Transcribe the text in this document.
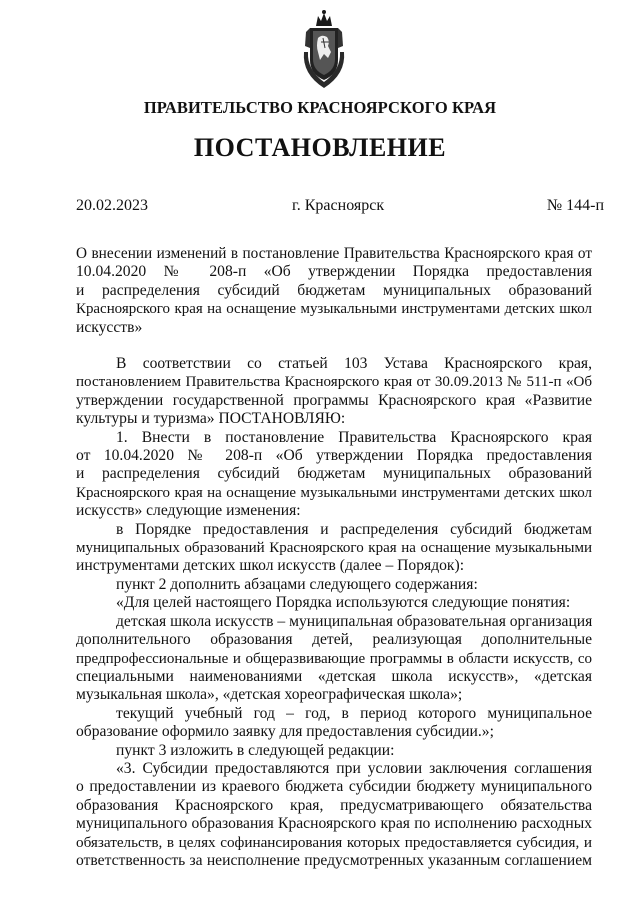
ПРАВИТЕЛЬСТВО КРАСНОЯРСКОГО КРАЯ
ПОСТАНОВЛЕНИЕ
20.02.2023	г. Красноярск	№ 144-п
О внесении изменений в постановление Правительства Красноярского края от
10.04.2020 № 208-п «Об утверждении Порядка предоставления
и распределения субсидий бюджетам муниципальных образований
Красноярского края на оснащение музыкальными инструментами детских школ
искусств»
В соответствии со статьей 103 Устава Красноярского края,
постановлением Правительства Красноярского края от 30.09.2013 № 511-п «Об
утверждении государственной программы Красноярского края «Развитие
культуры и туризма» ПОСТАНОВЛЯЮ:
1. Внести в постановление Правительства Красноярского края
от 10.04.2020 № 208-п «Об утверждении Порядка предоставления
и распределения субсидий бюджетам муниципальных образований
Красноярского края на оснащение музыкальными инструментами детских школ
искусств» следующие изменения:
в Порядке предоставления и распределения субсидий бюджетам
муниципальных образований Красноярского края на оснащение музыкальными
инструментами детских школ искусств (далее – Порядок):
пункт 2 дополнить абзацами следующего содержания:
«Для целей настоящего Порядка используются следующие понятия:
детская школа искусств – муниципальная образовательная организация
дополнительного образования детей, реализующая дополнительные
предпрофессиональные и общеразвивающие программы в области искусств, со
специальными наименованиями «детская школа искусств», «детская
музыкальная школа», «детская хореографическая школа»;
текущий учебный год – год, в период которого муниципальное
образование оформило заявку для предоставления субсидии.»;
пункт 3 изложить в следующей редакции:
«3. Субсидии предоставляются при условии заключения соглашения
о предоставлении из краевого бюджета субсидии бюджету муниципального
образования Красноярского края, предусматривающего обязательства
муниципального образования Красноярского края по исполнению расходных
обязательств, в целях софинансирования которых предоставляется субсидия, и
ответственность за неисполнение предусмотренных указанным соглашением
